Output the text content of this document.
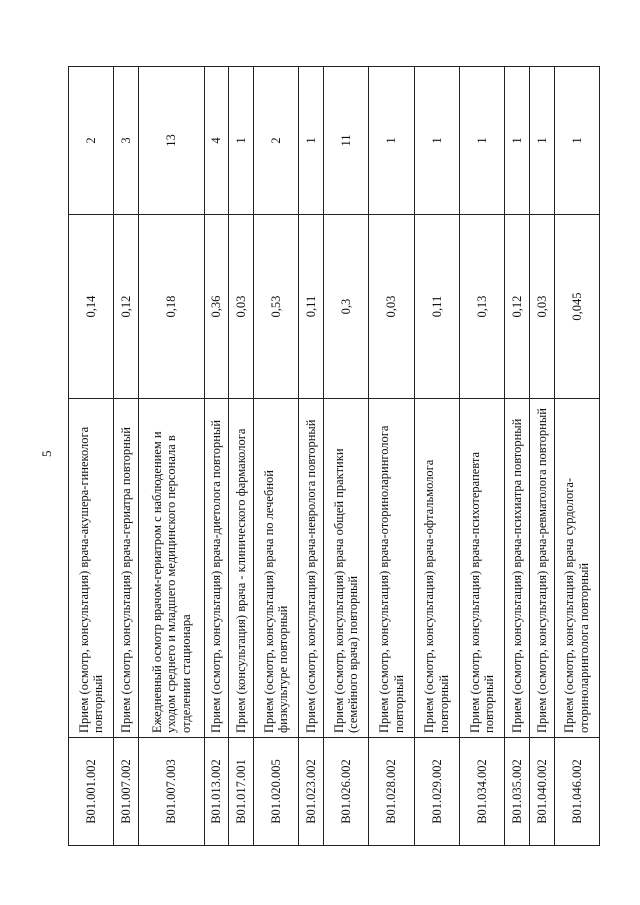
5
B01.001.002	Прием (осмотр, консультация) врача-акушера-гинеколога повторный	0,14	2
B01.007.002	Прием (осмотр, консультация) врача-гериатра повторный	0,12	3
B01.007.003	Ежедневный осмотр врачом-гериатром с наблюдением и уходом среднего и младшего медицинского персонала в отделении стационара	0,18	13
B01.013.002	Прием (осмотр, консультация) врача-диетолога повторный	0,36	4
B01.017.001	Прием (консультация) врача - клинического фармаколога	0,03	1
B01.020.005	Прием (осмотр, консультация) врача по лечебной физкультуре повторный	0,53	2
B01.023.002	Прием (осмотр, консультация) врача-невролога повторный	0,11	1
B01.026.002	Прием (осмотр, консультация) врача общей практики (семейного врача) повторный	0,3	11
B01.028.002	Прием (осмотр, консультация) врача-оториноларинголога повторный	0,03	1
B01.029.002	Прием (осмотр, консультация) врача-офтальмолога повторный	0,11	1
B01.034.002	Прием (осмотр, консультация) врача-психотерапевта повторный	0,13	1
B01.035.002	Прием (осмотр, консультация) врача-психиатра повторный	0,12	1
B01.040.002	Прием (осмотр, консультация) врача-ревматолога повторный	0,03	1
B01.046.002	Прием (осмотр, консультация) врача сурдолога-оториноларинголога повторный	0,045	1
